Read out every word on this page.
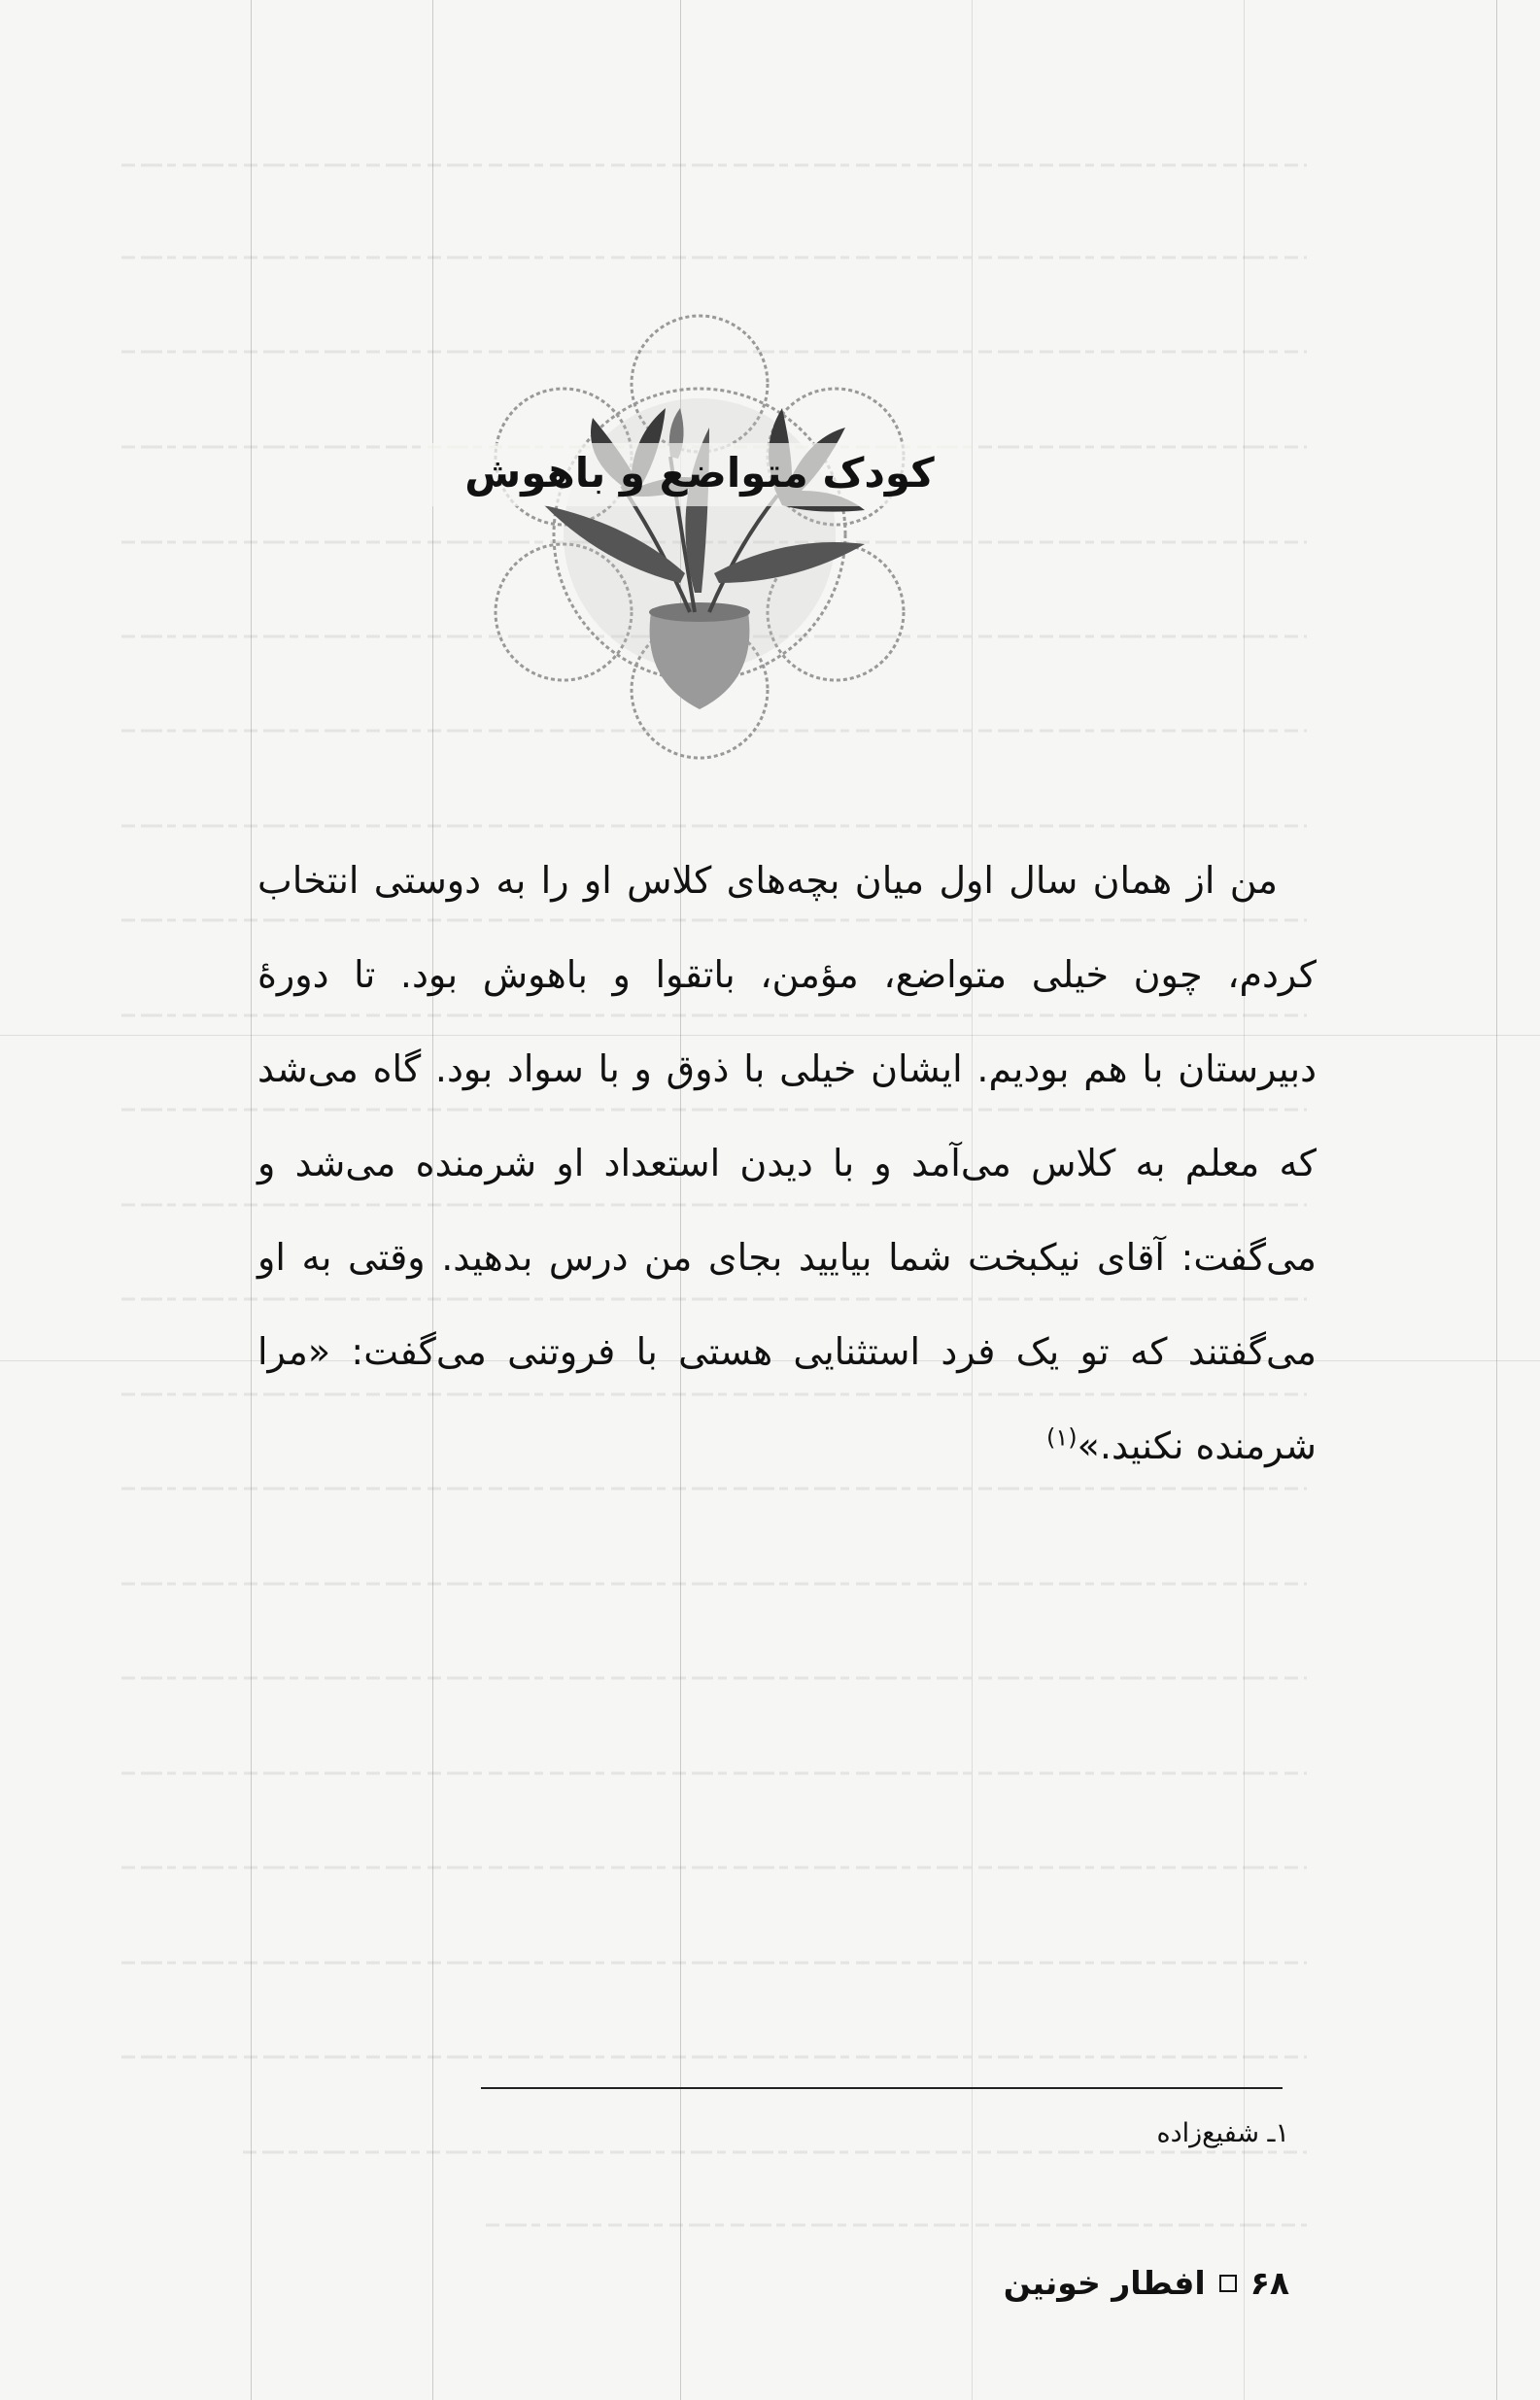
کودک متواضع و باهوش

من از همان سال اول میان بچه‌های کلاس او را به دوستی انتخاب کردم، چون خیلی متواضع، مؤمن، باتقوا و باهوش بود. تا دورهٔ دبیرستان با هم بودیم. ایشان خیلی با ذوق و با سواد بود. گاه می‌شد که معلم به کلاس می‌آمد و با دیدن استعداد او شرمنده می‌شد و می‌گفت: آقای نیکبخت شما بیایید بجای من درس بدهید. وقتی به او می‌گفتند که تو یک فرد استثنایی هستی با فروتنی می‌گفت: «مرا شرمنده نکنید.»$^{(۱)}$

۱ـ شفیع‌زاده
۶۸
افطار خونین
